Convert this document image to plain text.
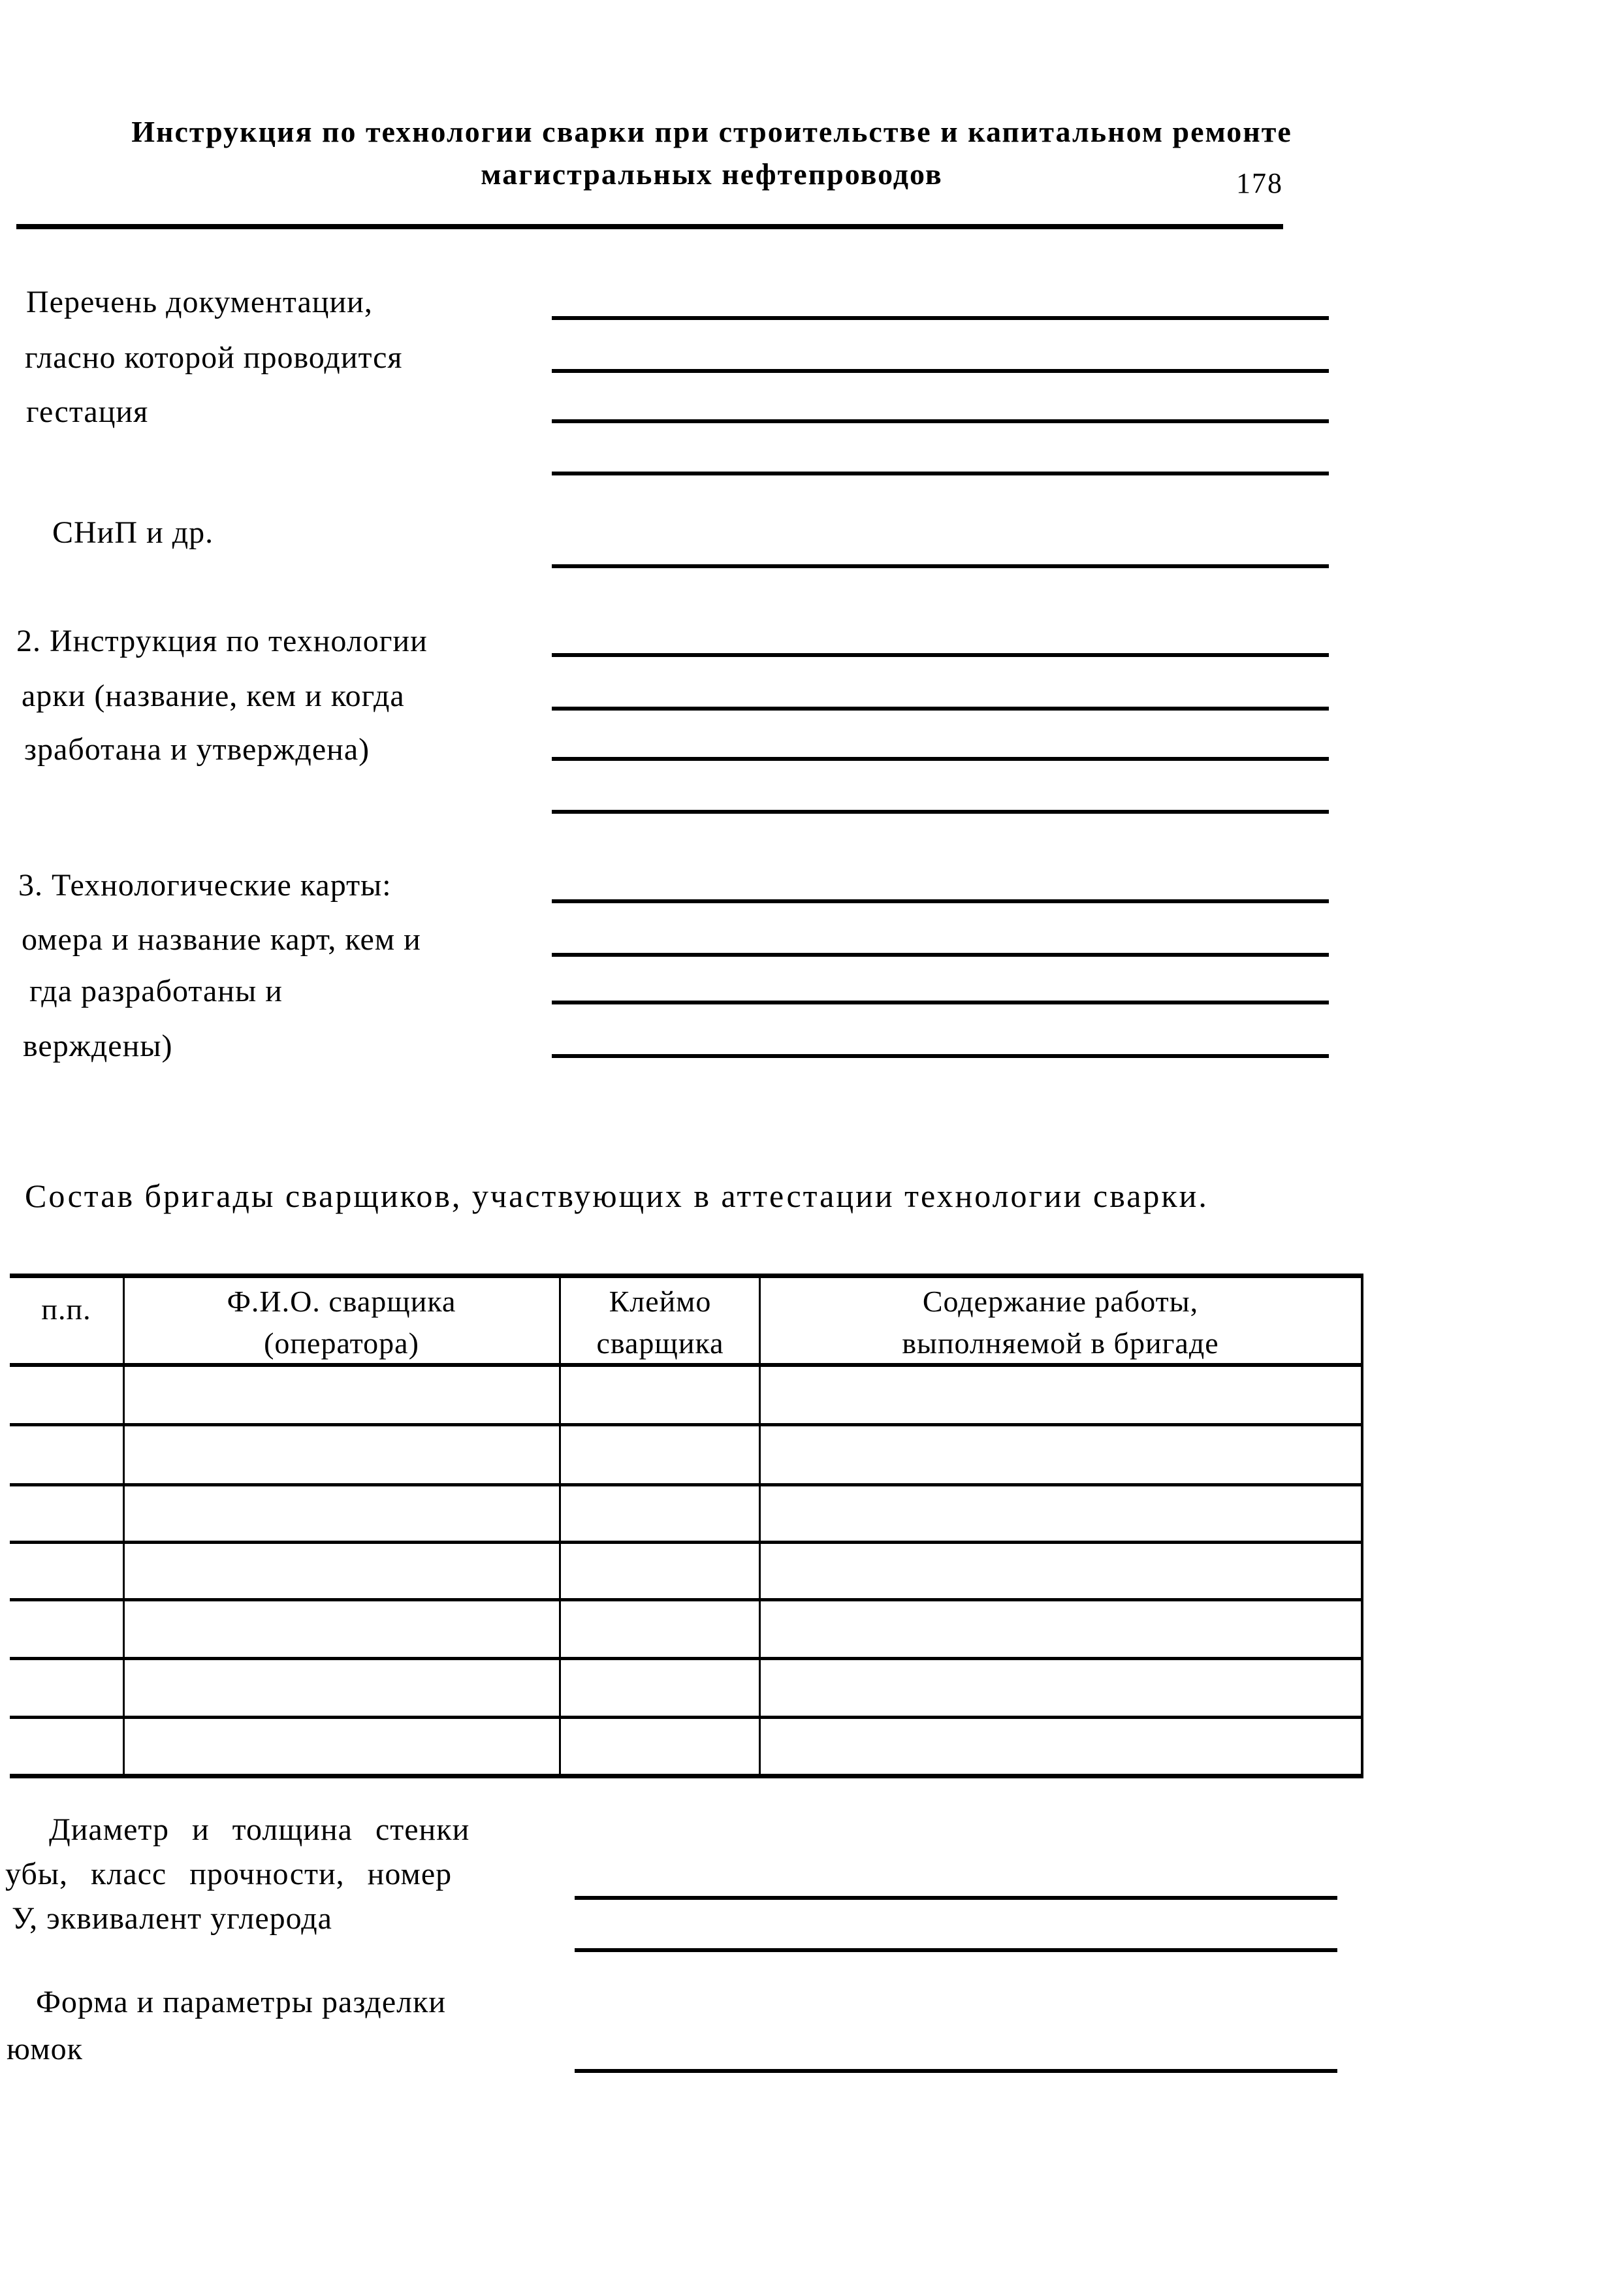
Инструкция по технологии сварки при строительстве и капитальном ремонте
магистральных нефтепроводов	178
Перечень документации,
гласно которой проводится
гестация
СНиП и др.
2. Инструкция по технологии
арки (название, кем и когда
зработана и утверждена)
3. Технологические карты:
омера и название карт, кем и
гда разработаны и
верждены)
Состав бригады сварщиков, участвующих в аттестации технологии сварки.
п.п.	Ф.И.О. сварщика
(оператора)
Клеймо
сварщика
Содержание работы,
выполняемой в бригаде
Диаметр и толщина стенки
убы, класс прочности, номер
У, эквивалент углерода
Форма и параметры разделки
юмок
